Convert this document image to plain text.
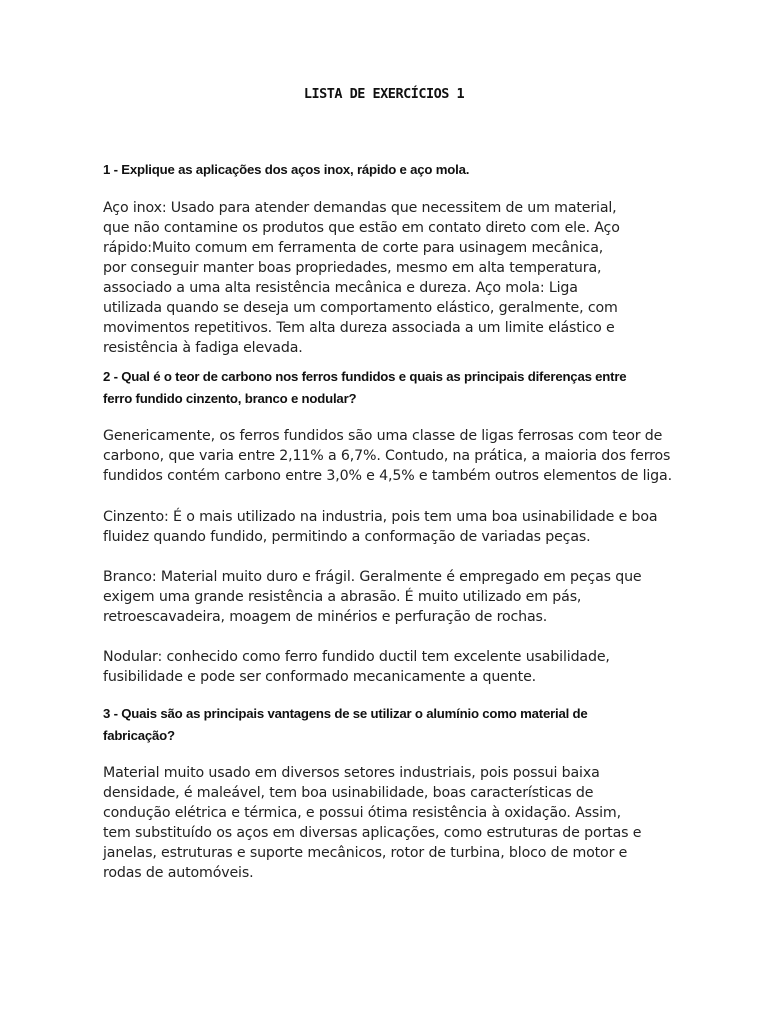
LISTA DE EXERCÍCIOS 1
1 - Explique as aplicações dos aços inox, rápido e aço mola.
Aço inox: Usado para atender demandas que necessitem de um material,
que não contamine os produtos que estão em contato direto com ele. Aço
rápido:Muito comum em ferramenta de corte para usinagem mecânica,
por conseguir manter boas propriedades, mesmo em alta temperatura,
associado a uma alta resistência mecânica e dureza. Aço mola: Liga
utilizada quando se deseja um comportamento elástico, geralmente, com
movimentos repetitivos. Tem alta dureza associada a um limite elástico e
resistência à fadiga elevada.
2 - Qual é o teor de carbono nos ferros fundidos e quais as principais diferenças entre
ferro fundido cinzento, branco e nodular?
Genericamente, os ferros fundidos são uma classe de ligas ferrosas com teor de
carbono, que varia entre 2,11% a 6,7%. Contudo, na prática, a maioria dos ferros
fundidos contém carbono entre 3,0% e 4,5% e também outros elementos de liga.
Cinzento: É o mais utilizado na industria, pois tem uma boa usinabilidade e boa
fluidez quando fundido, permitindo a conformação de variadas peças.
Branco: Material muito duro e frágil. Geralmente é empregado em peças que
exigem uma grande resistência a abrasão. É muito utilizado em pás,
retroescavadeira, moagem de minérios e perfuração de rochas.
Nodular: conhecido como ferro fundido ductil tem excelente usabilidade,
fusibilidade e pode ser conformado mecanicamente a quente.
3 - Quais são as principais vantagens de se utilizar o alumínio como material de
fabricação?
Material muito usado em diversos setores industriais, pois possui baixa
densidade, é maleável, tem boa usinabilidade, boas características de
condução elétrica e térmica, e possui ótima resistência à oxidação. Assim,
tem substituído os aços em diversas aplicações, como estruturas de portas e
janelas, estruturas e suporte mecânicos, rotor de turbina, bloco de motor e
rodas de automóveis.
